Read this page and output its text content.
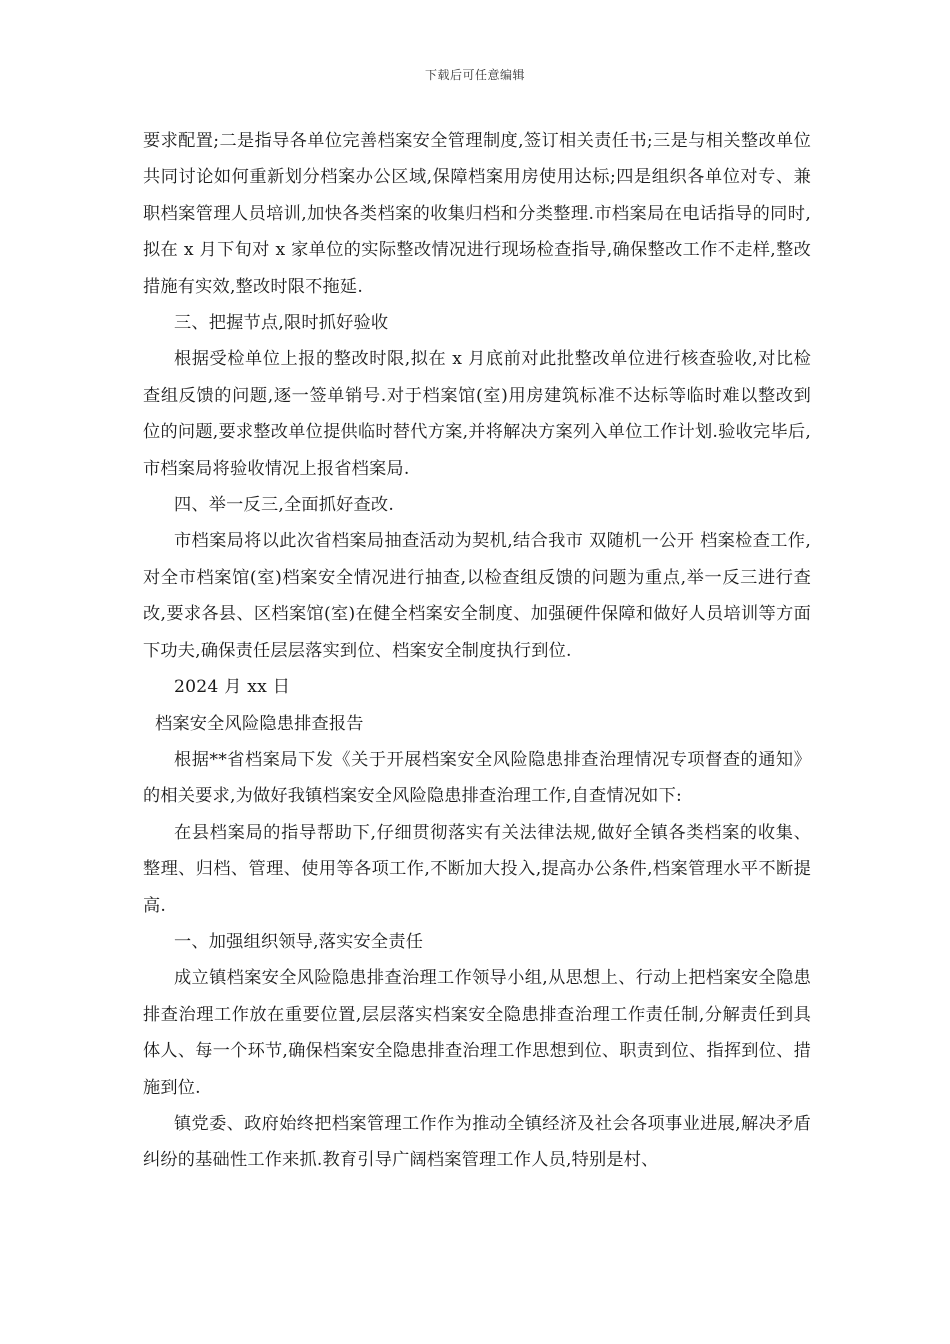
下载后可任意编辑

要求配置;二是指导各单位完善档案安全管理制度,签订相关责任书;三是与相关整改单位共同讨论如何重新划分档案办公区域,保障档案用房使用达标;四是组织各单位对专、兼职档案管理人员培训,加快各类档案的收集归档和分类整理.市档案局在电话指导的同时,拟在 x 月下旬对 x 家单位的实际整改情况进行现场检查指导,确保整改工作不走样,整改措施有实效,整改时限不拖延.

三、把握节点,限时抓好验收

根据受检单位上报的整改时限,拟在 x 月底前对此批整改单位进行核查验收,对比检查组反馈的问题,逐一签单销号.对于档案馆(室)用房建筑标准不达标等临时难以整改到位的问题,要求整改单位提供临时替代方案,并将解决方案列入单位工作计划.验收完毕后,市档案局将验收情况上报省档案局.

四、举一反三,全面抓好查改.

市档案局将以此次省档案局抽查活动为契机,结合我市 双随机一公开 档案检查工作,对全市档案馆(室)档案安全情况进行抽查,以检查组反馈的问题为重点,举一反三进行查改,要求各县、区档案馆(室)在健全档案安全制度、加强硬件保障和做好人员培训等方面下功夫,确保责任层层落实到位、档案安全制度执行到位.

2024 月 xx 日

档案安全风险隐患排查报告

根据**省档案局下发《关于开展档案安全风险隐患排查治理情况专项督查的通知》的相关要求,为做好我镇档案安全风险隐患排查治理工作,自查情况如下:

在县档案局的指导帮助下,仔细贯彻落实有关法律法规,做好全镇各类档案的收集、整理、归档、管理、使用等各项工作,不断加大投入,提高办公条件,档案管理水平不断提高.

一、加强组织领导,落实安全责任

成立镇档案安全风险隐患排查治理工作领导小组,从思想上、行动上把档案安全隐患排查治理工作放在重要位置,层层落实档案安全隐患排查治理工作责任制,分解责任到具体人、每一个环节,确保档案安全隐患排查治理工作思想到位、职责到位、指挥到位、措施到位.

镇党委、政府始终把档案管理工作作为推动全镇经济及社会各项事业进展,解决矛盾纠纷的基础性工作来抓.教育引导广阔档案管理工作人员,特别是村、
